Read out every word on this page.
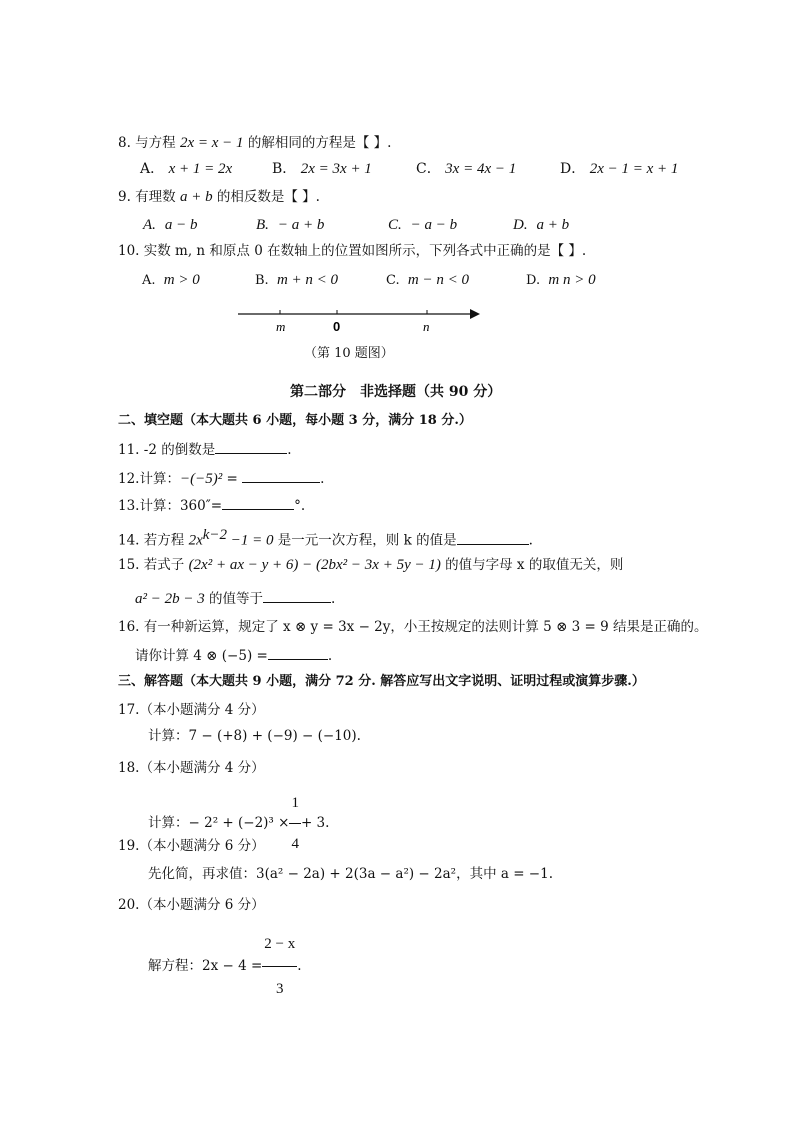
8. 与方程 2x = x − 1 的解相同的方程是【 】.
A． x + 1 = 2x	B． 2x = 3x + 1	C． 3x = 4x − 1	D． 2x − 1 = x + 1
9. 有理数 a + b 的相反数是【 】.
A. a − b	B. − a + b	C. − a − b	D. a + b
10. 实数 m, n 和原点 0 在数轴上的位置如图所示，下列各式中正确的是【 】.
A. m > 0	B. m + n < 0	C. m − n < 0	D. m n > 0
m	0	n
（第 10 题图）
第二部分　非选择题（共 90 分）
二、填空题（本大题共 6 小题，每小题 3 分，满分 18 分.）
11. -2 的倒数是	.
12.计算：−(−5)² =	.
13.计算：360″=	°.
14. 若方程 $2x^{k-2} -1 = 0$ 是一元一次方程，则 k 的值是	.
15. 若式子 (2x² + ax − y + 6) − (2bx² − 3x + 5y − 1) 的值与字母 x 的取值无关，则
a² − 2b − 3 的值等于	.
16. 有一种新运算，规定了 x ⊗ y = 3x − 2y，小王按规定的法则计算 5 ⊗ 3 = 9 结果是正确的。
请你计算 4 ⊗ (−5) =	.
三、解答题（本大题共 9 小题，满分 72 分. 解答应写出文字说明、证明过程或演算步骤.）
17.（本小题满分 4 分）
计算：7 − (+8) + (−9) − (−10).
18.（本小题满分 4 分）
计算：− $2^2 + (-2)^3 \times \frac{1}{4} + 3$.
19.（本小题满分 6 分）
先化简，再求值：3(a² − 2a) + 2(3a − a²) − 2a²，其中 a = −1.
20.（本小题满分 6 分）
解方程：$2x - 4 = \frac{2 - x}{3}$ .
